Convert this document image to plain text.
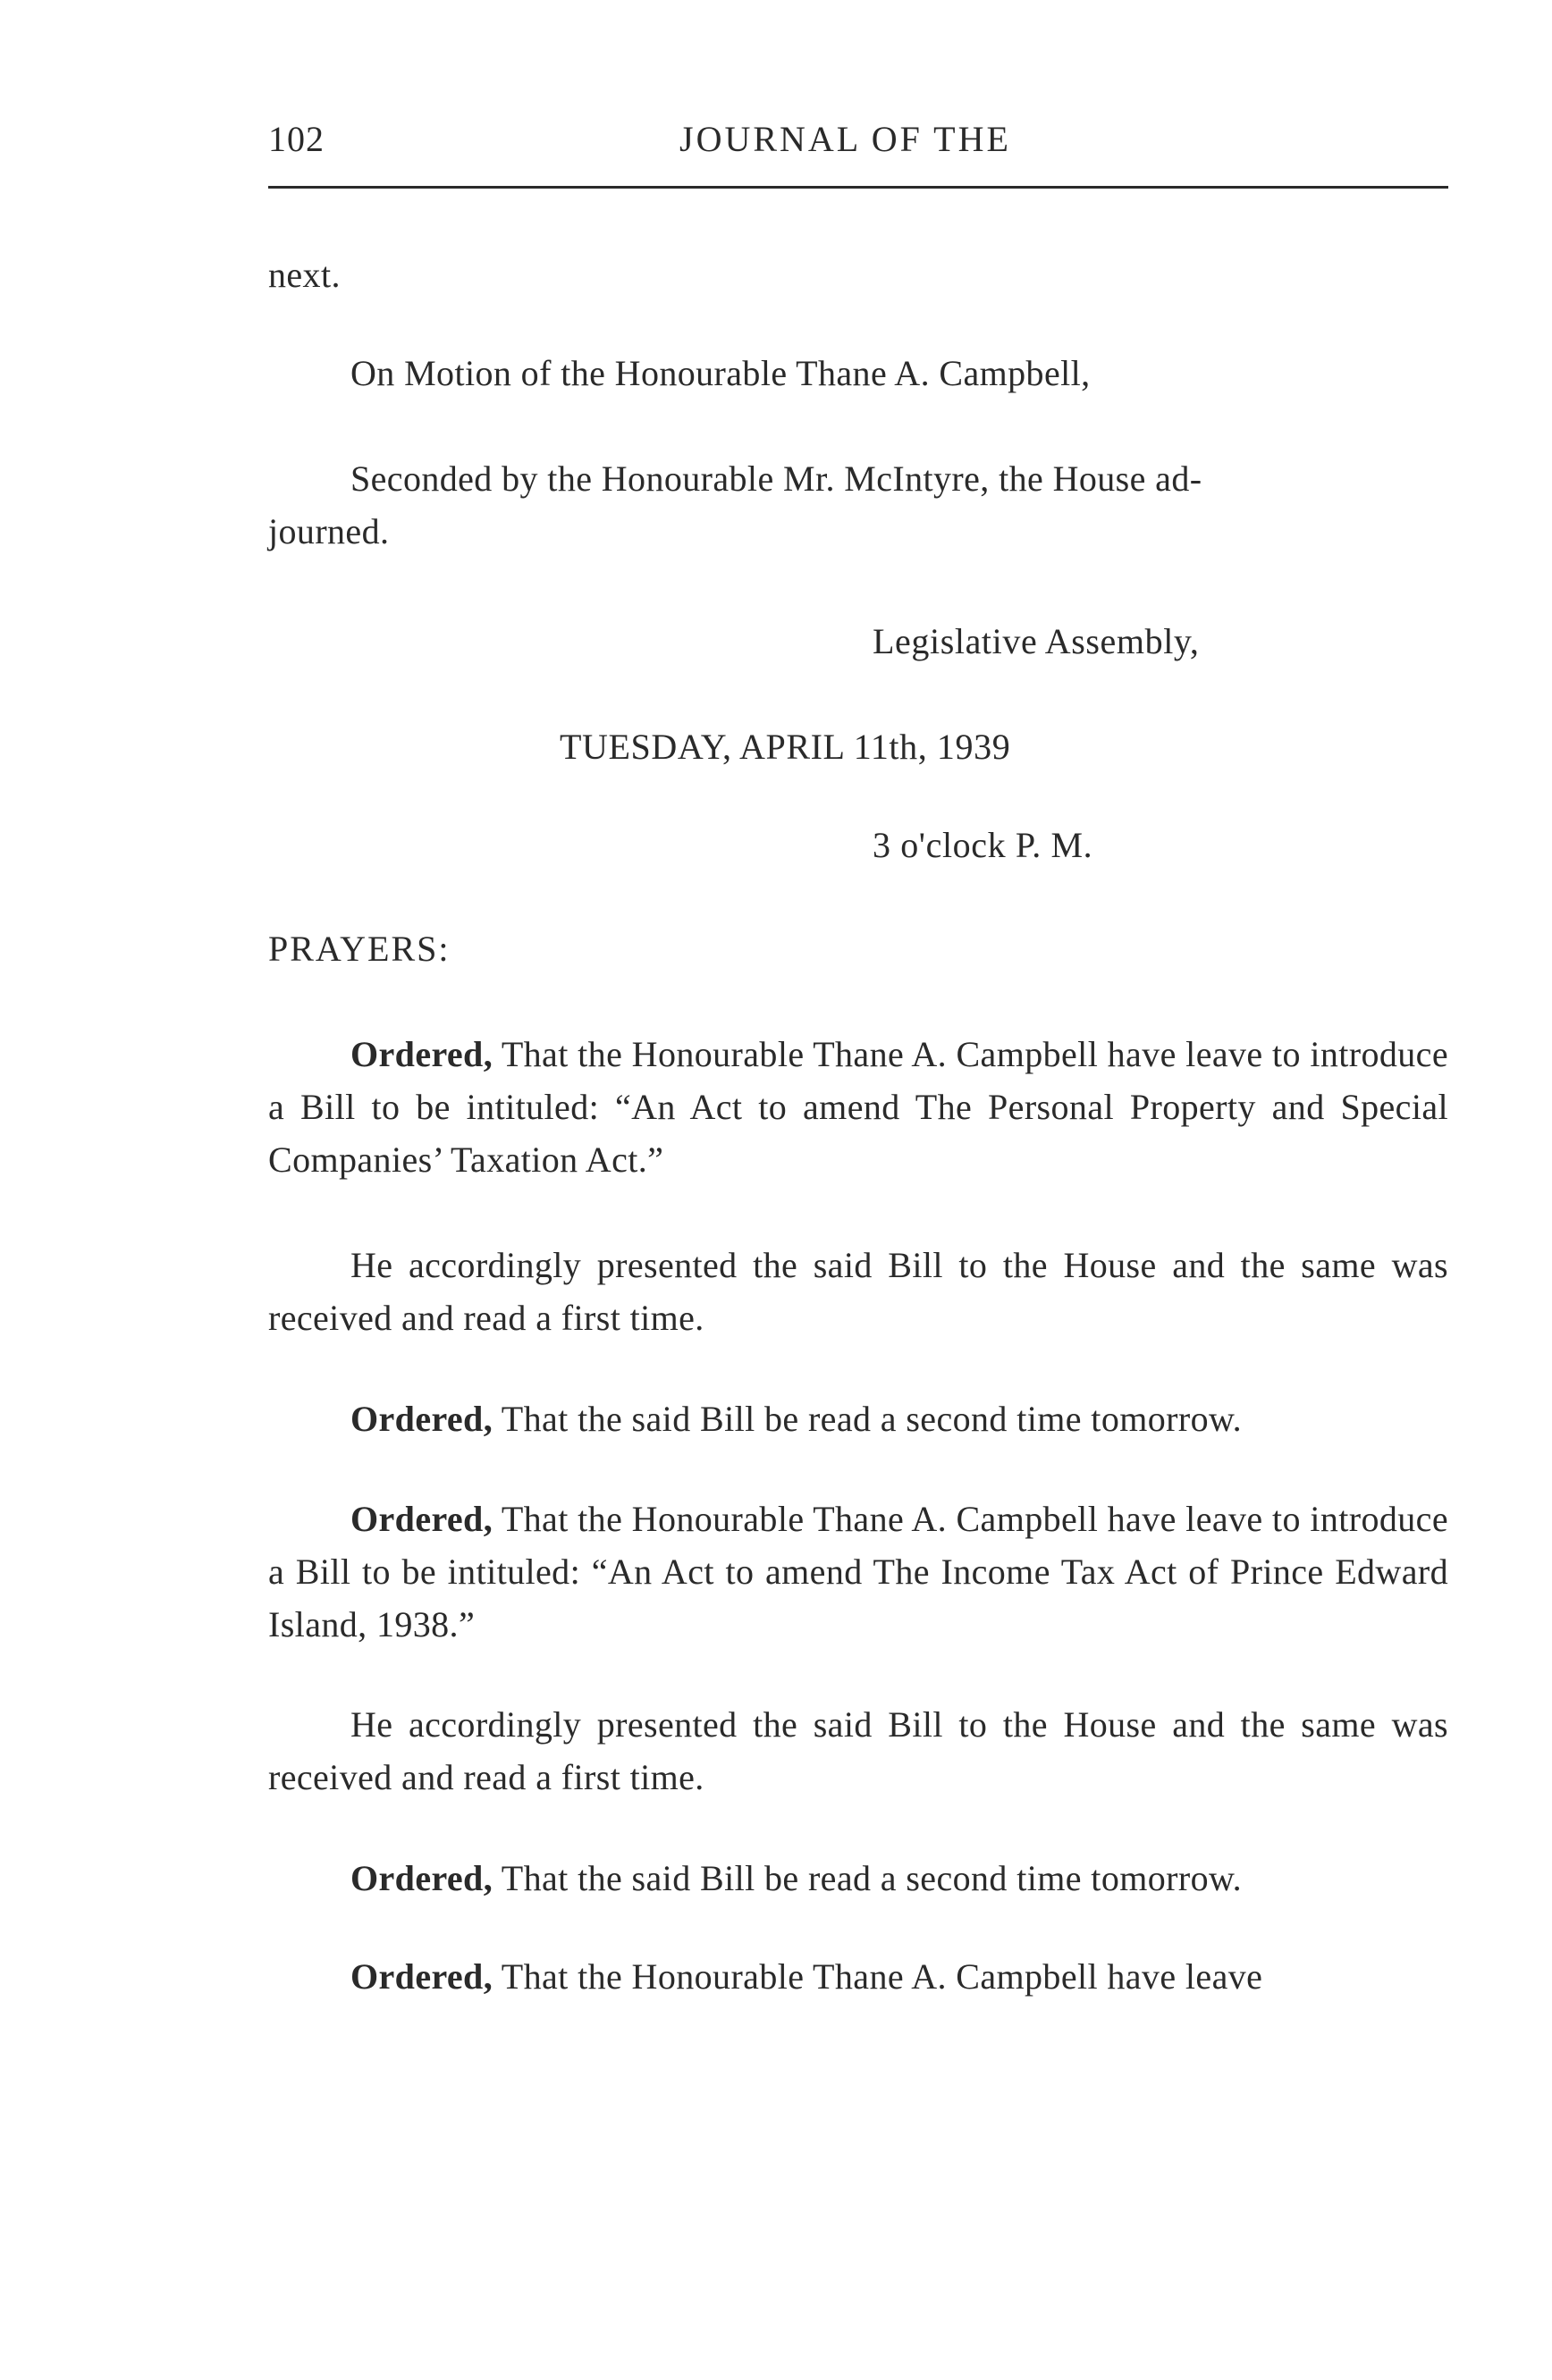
102	JOURNAL OF THE
next.
On Motion of the Honourable Thane A. Campbell,
Seconded by the Honourable Mr. McIntyre, the House ad-
journed.
Legislative Assembly,
TUESDAY, APRIL 11th, 1939
3 o'clock P. M.
PRAYERS:
Ordered, That the Honourable Thane A. Campbell have leave to introduce a Bill to be intituled: “An Act to amend The Personal Property and Special Companies’ Taxation Act.”
He accordingly presented the said Bill to the House and the same was received and read a first time.
Ordered, That the said Bill be read a second time tomorrow.
Ordered, That the Honourable Thane A. Campbell have leave to introduce a Bill to be intituled: “An Act to amend The Income Tax Act of Prince Edward Island, 1938.”
He accordingly presented the said Bill to the House and the same was received and read a first time.
Ordered, That the said Bill be read a second time tomorrow.
Ordered, That the Honourable Thane A. Campbell have leave
